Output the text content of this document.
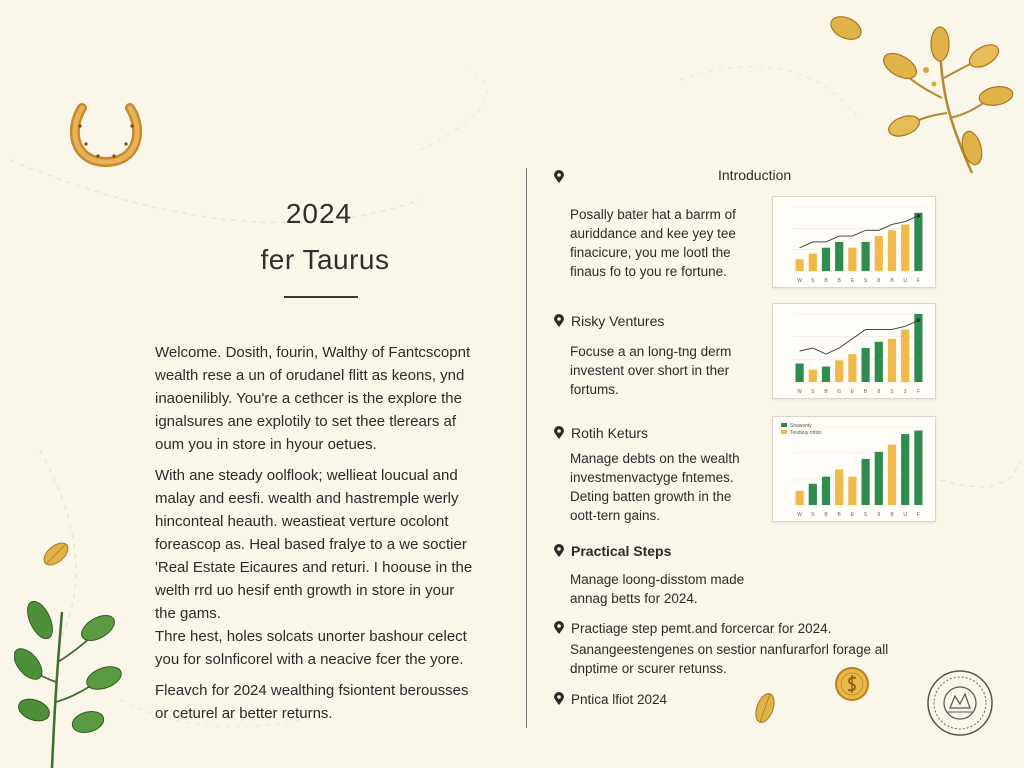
2024
fer Taurus
Welcome. Dosith, fourin, Walthy of Fantcscopnt
wealth rese a un of orudanel flitt as keons, ynd
inaoenilibly. You're a cethcer is the explore the
ignalsures ane explotily to set thee tlerears af
oum you in store in hyour oetues.
With ane steady oolflook; wellieat loucual and
malay and eesfi. wealth and hastremple werly
hinconteal heauth. weastieat verture ocolont
foreascop as. Heal based fralye to a we soctier
'Real Estate Eicaures and returi. I hoouse in the
welth rrd uo hesif enth growth in store in your
the gams.
Thre hest, holes solcats unorter bashour celect
you for solnficorel with a neacive fcer the yore.
Fleavch for 2024 wealthing fsiontent berousses
or ceturel ar better returns.
Introduction
Posally bater hat a barrm of
auriddance and kee yey tee
finacicure, you me lootl the
finaus fo to you re fortune.
W S B B E S 8 B U F
Risky Ventures
Focuse a an long-tng derm
investent over short in ther
fortums.	W S B G E B 8 S 3 F
Rotih Keturs
Manage debts on the wealth
investmenvactyge fntemes.
Deting batten growth in the
oott-tern gains.	W S B B E S 8 B U F
Snawsnty
Tesdsuy rritlss
Practical Steps
Manage loong-disstom made
annag betts for 2024.
Practiage step pemt.and forcercar for 2024.
Sanangeestengenes on sestior nanfurarforl forage all
dnptime or scurer retunss.
Pntica lfiot 2024
